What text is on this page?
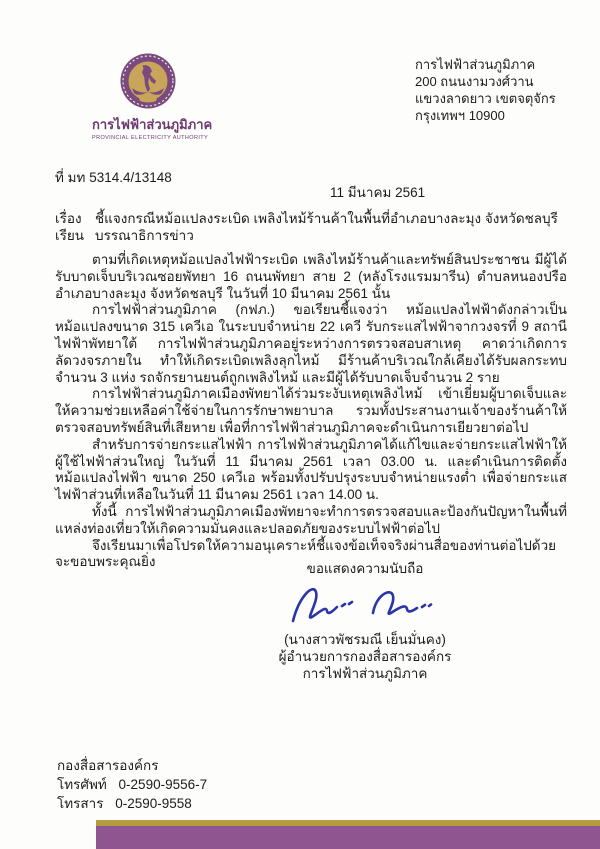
การไฟฟ้าส่วนภูมิภาค
PROVINCIAL ELECTRICITY AUTHORITY
การไฟฟ้าส่วนภูมิภาค
200 ถนนงามวงศ์วาน
แขวงลาดยาว เขตจตุจักร
กรุงเทพฯ 10900
ที่ มท 5314.4/13148
11 มีนาคม 2561
เรื่อง ชี้แจงกรณีหม้อแปลงระเบิด เพลิงไหม้ร้านค้าในพื้นที่อำเภอบางละมุง จังหวัดชลบุรี
เรียน บรรณาธิการข่าว

ตามที่เกิดเหตุหม้อแปลงไฟฟ้าระเบิด เพลิงไหม้ร้านค้าและทรัพย์สินประชาชน มีผู้ได้รับบาดเจ็บบริเวณซอยพัทยา 16 ถนนพัทยา สาย 2 (หลังโรงแรมมารีน) ตำบลหนองปรือ อำเภอบางละมุง จังหวัดชลบุรี ในวันที่ 10 มีนาคม 2561 นั้น

การไฟฟ้าส่วนภูมิภาค (กฟภ.) ขอเรียนชี้แจงว่า หม้อแปลงไฟฟ้าดังกล่าวเป็นหม้อแปลงขนาด 315 เควีเอ ในระบบจำหน่าย 22 เควี รับกระแสไฟฟ้าจากวงจรที่ 9 สถานีไฟฟ้าพัทยาใต้ การไฟฟ้าส่วนภูมิภาคอยู่ระหว่างการตรวจสอบสาเหตุ คาดว่าเกิดการลัดวงจรภายใน ทำให้เกิดระเบิดเพลิงลุกไหม้ มีร้านค้าบริเวณใกล้เคียงได้รับผลกระทบจำนวน 3 แห่ง รถจักรยานยนต์ถูกเพลิงไหม้ และมีผู้ได้รับบาดเจ็บจำนวน 2 ราย

การไฟฟ้าส่วนภูมิภาคเมืองพัทยาได้ร่วมระงับเหตุเพลิงไหม้ เข้าเยี่ยมผู้บาดเจ็บและให้ความช่วยเหลือค่าใช้จ่ายในการรักษาพยาบาล รวมทั้งประสานงานเจ้าของร้านค้าให้ตรวจสอบทรัพย์สินที่เสียหาย เพื่อที่การไฟฟ้าส่วนภูมิภาคจะดำเนินการเยียวยาต่อไป

สำหรับการจ่ายกระแสไฟฟ้า การไฟฟ้าส่วนภูมิภาคได้แก้ไขและจ่ายกระแสไฟฟ้าให้ผู้ใช้ไฟฟ้าส่วนใหญ่ ในวันที่ 11 มีนาคม 2561 เวลา 03.00 น. และดำเนินการติดตั้งหม้อแปลงไฟฟ้า ขนาด 250 เควีเอ พร้อมทั้งปรับปรุงระบบจำหน่ายแรงต่ำ เพื่อจ่ายกระแสไฟฟ้าส่วนที่เหลือในวันที่ 11 มีนาคม 2561 เวลา 14.00 น.

ทั้งนี้ การไฟฟ้าส่วนภูมิภาคเมืองพัทยาจะทำการตรวจสอบและป้องกันปัญหาในพื้นที่แหล่งท่องเที่ยวให้เกิดความมั่นคงและปลอดภัยของระบบไฟฟ้าต่อไป

จึงเรียนมาเพื่อโปรดให้ความอนุเคราะห์ชี้แจงข้อเท็จจริงผ่านสื่อของท่านต่อไปด้วย จะขอบพระคุณยิ่ง	ขอแสดงความนับถือ
(นางสาวพัชรมณี เย็นมั่นคง)
ผู้อำนวยการกองสื่อสารองค์กร
การไฟฟ้าส่วนภูมิภาค
กองสื่อสารองค์กร
โทรศัพท์ 0-2590-9556-7
โทรสาร 0-2590-9558
